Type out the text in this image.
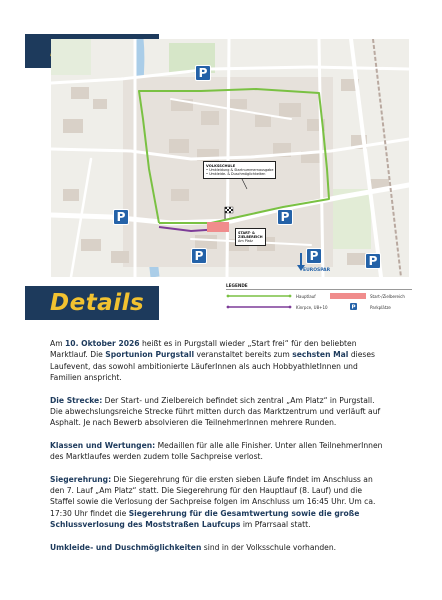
VOLKSSCHULE
• Umkleidung & Startnummernausgabe
• Umkleide- & Duschmöglichkeiten
START- &
ZIELBEREICH
Am Platz
P
P	P
P	P	P
EUROSPAR
Details
LEGENDE
P
Hauptlauf
Kinrpce, U8+10
Start-/Zielbereich
Parkplätze

Am 10. Oktober 2026 heißt es in Purgstall wieder „Start frei“ für den beliebten Marktlauf. Die Sportunion Purgstall veranstaltet bereits zum sechsten Mal dieses Laufevent, das sowohl ambitionierte LäuferInnen als auch HobbyathletInnen und Familien anspricht.

Die Strecke: Der Start- und Zielbereich befindet sich zentral „Am Platz“ in Purgstall. Die abwechslungsreiche Strecke führt mitten durch das Marktzentrum und verläuft auf Asphalt. Je nach Bewerb absolvieren die TeilnehmerInnen mehrere Runden.

Klassen und Wertungen: Medaillen für alle alle Finisher. Unter allen TeilnehmerInnen des Marktlaufes werden zudem tolle Sachpreise verlost.

Siegerehrung: Die Siegerehrung für die ersten sieben Läufe findet im Anschluss an den 7. Lauf „Am Platz“ statt. Die Siegerehrung für den Hauptlauf (8. Lauf) und die Staffel sowie die Verlosung der Sachpreise folgen im Anschluss um 16:45 Uhr. Um ca. 17:30 Uhr findet die Siegerehrung für die Gesamtwertung sowie die große Schlussverlosung des Moststraßen Laufcups im Pfarrsaal statt.

Umkleide- und Duschmöglichkeiten sind in der Volksschule vorhanden.
